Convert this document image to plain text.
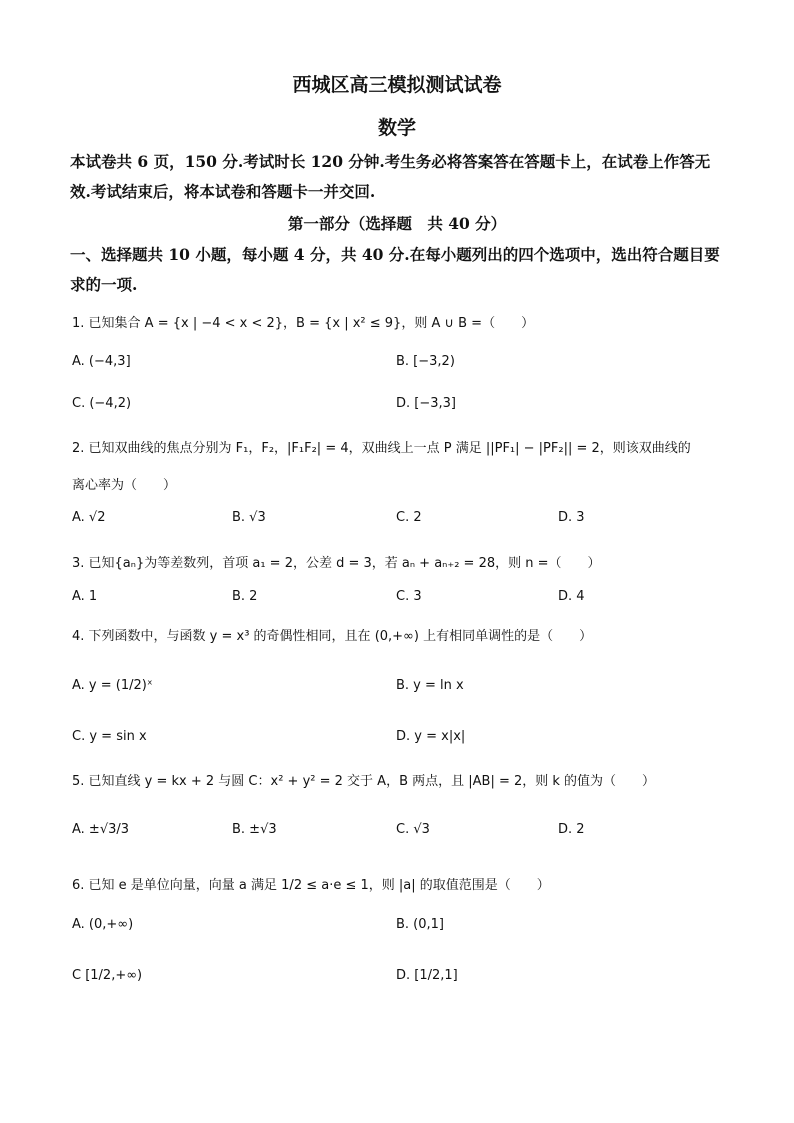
西城区高三模拟测试试卷
数学
本试卷共 6 页，150 分.考试时长 120 分钟.考生务必将答案答在答题卡上，在试卷上作答无
效.考试结束后，将本试卷和答题卡一并交回.
第一部分（选择题　共 40 分）
一、选择题共 10 小题，每小题 4 分，共 40 分.在每小题列出的四个选项中，选出符合题目要
求的一项.
1. 已知集合 A = {x | −4 < x < 2}，B = {x | x² ≤ 9}，则 A ∪ B =（　　）
A. (−4,3]	B. [−3,2)
C. (−4,2)	D. [−3,3]
2. 已知双曲线的焦点分别为 F₁，F₂，|F₁F₂| = 4，双曲线上一点 P 满足 ||PF₁| − |PF₂|| = 2，则该双曲线的
离心率为（　　）
A. √2	B. √3	C. 2	D. 3
3. 已知{aₙ}为等差数列，首项 a₁ = 2，公差 d = 3，若 aₙ + aₙ₊₂ = 28，则 n =（　　）
A. 1	B. 2	C. 3	D. 4
4. 下列函数中，与函数 y = x³ 的奇偶性相同，且在 (0,+∞) 上有相同单调性的是（　　）
A. y = (1/2)ˣ	B. y = ln x
C. y = sin x	D. y = x|x|
5. 已知直线 y = kx + 2 与圆 C：x² + y² = 2 交于 A，B 两点，且 |AB| = 2，则 k 的值为（　　）
A. ±√3/3	B. ±√3	C. √3	D. 2
6. 已知 e 是单位向量，向量 a 满足 1/2 ≤ a·e ≤ 1，则 |a| 的取值范围是（　　）
A. (0,+∞)	B. (0,1]
C [1/2,+∞)	D. [1/2,1]
